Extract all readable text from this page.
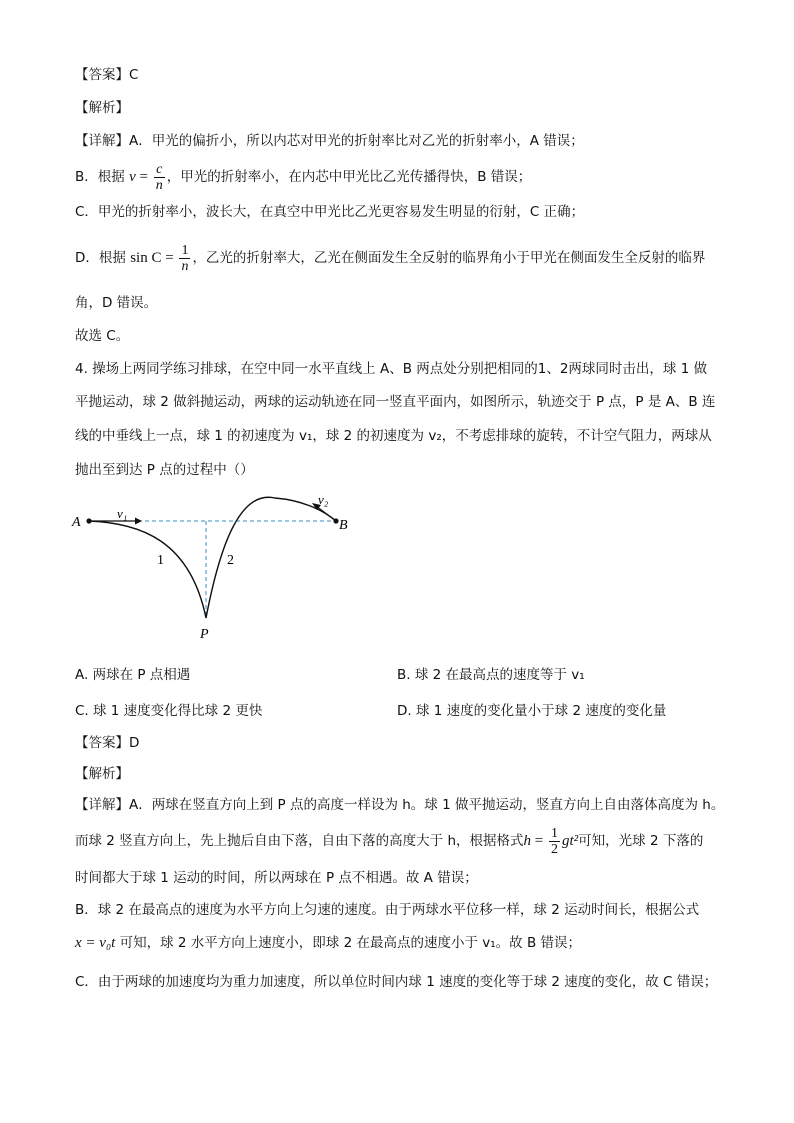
【答案】C
【解析】
【详解】A．甲光的偏折小，所以内芯对甲光的折射率比对乙光的折射率小，A 错误；
B．根据 $v = \frac{c}{n}$ ，甲光的折射率小，在内芯中甲光比乙光传播得快，B 错误；
C．甲光的折射率小，波长大，在真空中甲光比乙光更容易发生明显的衍射，C 正确；
D．根据 $\sin C = \frac{1}{n}$ ，乙光的折射率大，乙光在侧面发生全反射的临界角小于甲光在侧面发生全反射的临界
角，D 错误。
故选 C。
4. 操场上两同学练习排球，在空中同一水平直线上 A、B 两点处分别把相同的1、2两球同时击出，球 1 做
平抛运动，球 2 做斜抛运动，两球的运动轨迹在同一竖直平面内，如图所示，轨迹交于 P 点，P 是 A、B 连
线的中垂线上一点，球 1 的初速度为 v₁，球 2 的初速度为 v₂，不考虑排球的旋转，不计空气阻力，两球从
抛出至到达 P 点的过程中（）
A	B
P
v₁
v₂
1	2
A. 两球在 P 点相遇	B. 球 2 在最高点的速度等于 v₁
C. 球 1 速度变化得比球 2 更快	D. 球 1 速度的变化量小于球 2 速度的变化量
【答案】D
【解析】
【详解】A．两球在竖直方向上到 P 点的高度一样设为 h。球 1 做平抛运动，竖直方向上自由落体高度为 h。
而球 2 竖直方向上，先上抛后自由下落，自由下落的高度大于 h，根据格式$h = \frac{1}{2} gt^2$可知，光球 2 下落的
时间都大于球 1 运动的时间，所以两球在 P 点不相遇。故 A 错误；
B．球 2 在最高点的速度为水平方向上匀速的速度。由于两球水平位移一样，球 2 运动时间长，根据公式
x = v₀t 可知，球 2 水平方向上速度小，即球 2 在最高点的速度小于 v₁。故 B 错误；
C．由于两球的加速度均为重力加速度，所以单位时间内球 1 速度的变化等于球 2 速度的变化，故 C 错误；
